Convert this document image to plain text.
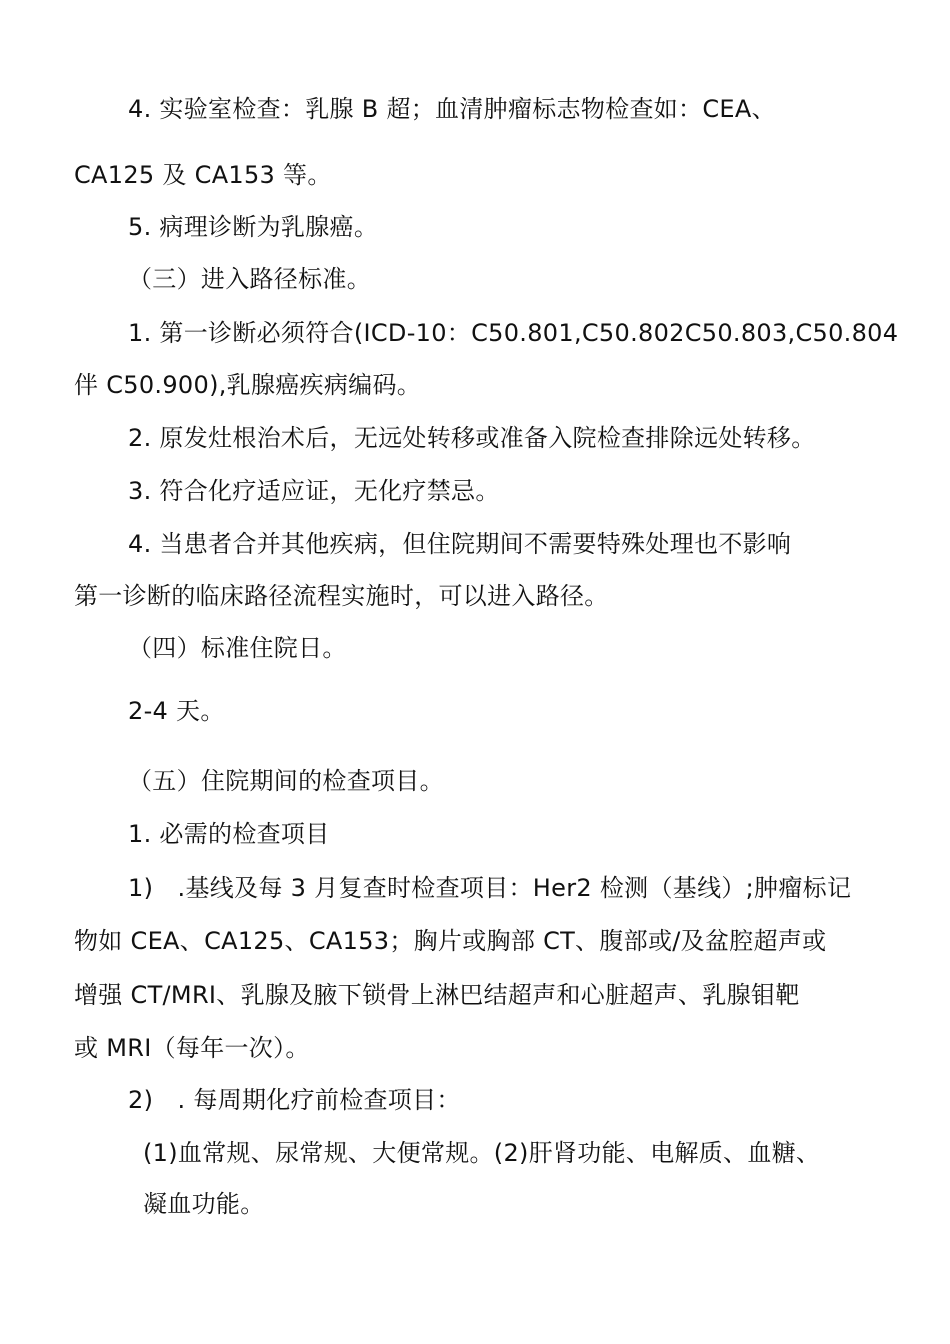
4. 实验室检查：乳腺 B 超；血清肿瘤标志物检查如：CEA、
CA125 及 CA153 等。
5. 病理诊断为乳腺癌。
（三）进入路径标准。
1. 第一诊断必须符合(ICD-10：C50.801,C50.802C50.803,C50.804
伴 C50.900),乳腺癌疾病编码。
2. 原发灶根治术后，无远处转移或准备入院检查排除远处转移。
3. 符合化疗适应证，无化疗禁忌。
4. 当患者合并其他疾病，但住院期间不需要特殊处理也不影响
第一诊断的临床路径流程实施时，可以进入路径。
（四）标准住院日。
2-4 天。
（五）住院期间的检查项目。
1. 必需的检查项目
1)　.基线及每 3 月复查时检查项目：Her2 检测（基线）;肿瘤标记
物如 CEA、CA125、CA153；胸片或胸部 CT、腹部或/及盆腔超声或
增强 CT/MRI、乳腺及腋下锁骨上淋巴结超声和心脏超声、乳腺钼靶
或 MRI（每年一次）。
2)　. 每周期化疗前检查项目：
(1)血常规、尿常规、大便常规。(2)肝肾功能、电解质、血糖、
凝血功能。
